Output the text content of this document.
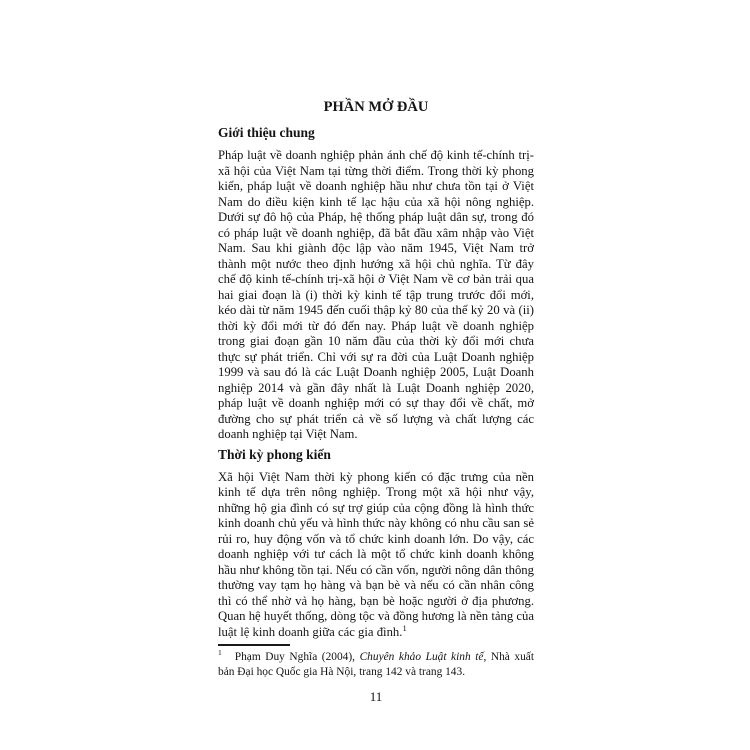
PHẦN MỞ ĐẦU
Giới thiệu chung

Pháp luật về doanh nghiệp phản ánh chế độ kinh tế-chính trị-xã hội của Việt Nam tại từng thời điểm. Trong thời kỳ phong kiến, pháp luật về doanh nghiệp hầu như chưa tồn tại ở Việt Nam do điều kiện kinh tế lạc hậu của xã hội nông nghiệp. Dưới sự đô hộ của Pháp, hệ thống pháp luật dân sự, trong đó có pháp luật về doanh nghiệp, đã bắt đầu xâm nhập vào Việt Nam. Sau khi giành độc lập vào năm 1945, Việt Nam trở thành một nước theo định hướng xã hội chủ nghĩa. Từ đây chế độ kinh tế-chính trị-xã hội ở Việt Nam về cơ bản trải qua hai giai đoạn là (i) thời kỳ kinh tế tập trung trước đổi mới, kéo dài từ năm 1945 đến cuối thập kỷ 80 của thế kỷ 20 và (ii) thời kỳ đổi mới từ đó đến nay. Pháp luật về doanh nghiệp trong giai đoạn gần 10 năm đầu của thời kỳ đổi mới chưa thực sự phát triển. Chỉ với sự ra đời của Luật Doanh nghiệp 1999 và sau đó là các Luật Doanh nghiệp 2005, Luật Doanh nghiệp 2014 và gần đây nhất là Luật Doanh nghiệp 2020, pháp luật về doanh nghiệp mới có sự thay đổi về chất, mở đường cho sự phát triển cả về số lượng và chất lượng các doanh nghiệp tại Việt Nam.

Thời kỳ phong kiến

Xã hội Việt Nam thời kỳ phong kiến có đặc trưng của nền kinh tế dựa trên nông nghiệp. Trong một xã hội như vậy, những hộ gia đình có sự trợ giúp của cộng đồng là hình thức kinh doanh chủ yếu và hình thức này không có nhu cầu san sẻ rủi ro, huy động vốn và tổ chức kinh doanh lớn. Do vậy, các doanh nghiệp với tư cách là một tổ chức kinh doanh không hầu như không tồn tại. Nếu có cần vốn, người nông dân thông thường vay tạm họ hàng và bạn bè và nếu có cần nhân công thì có thể nhờ vả họ hàng, bạn bè hoặc người ở địa phương. Quan hệ huyết thống, dòng tộc và đồng hương là nền tảng của luật lệ kinh doanh giữa các gia đình.$^1$

$^1$ Phạm Duy Nghĩa (2004), Chuyên khảo Luật kinh tế, Nhà xuất bản Đại học Quốc gia Hà Nội, trang 142 và trang 143.

11
